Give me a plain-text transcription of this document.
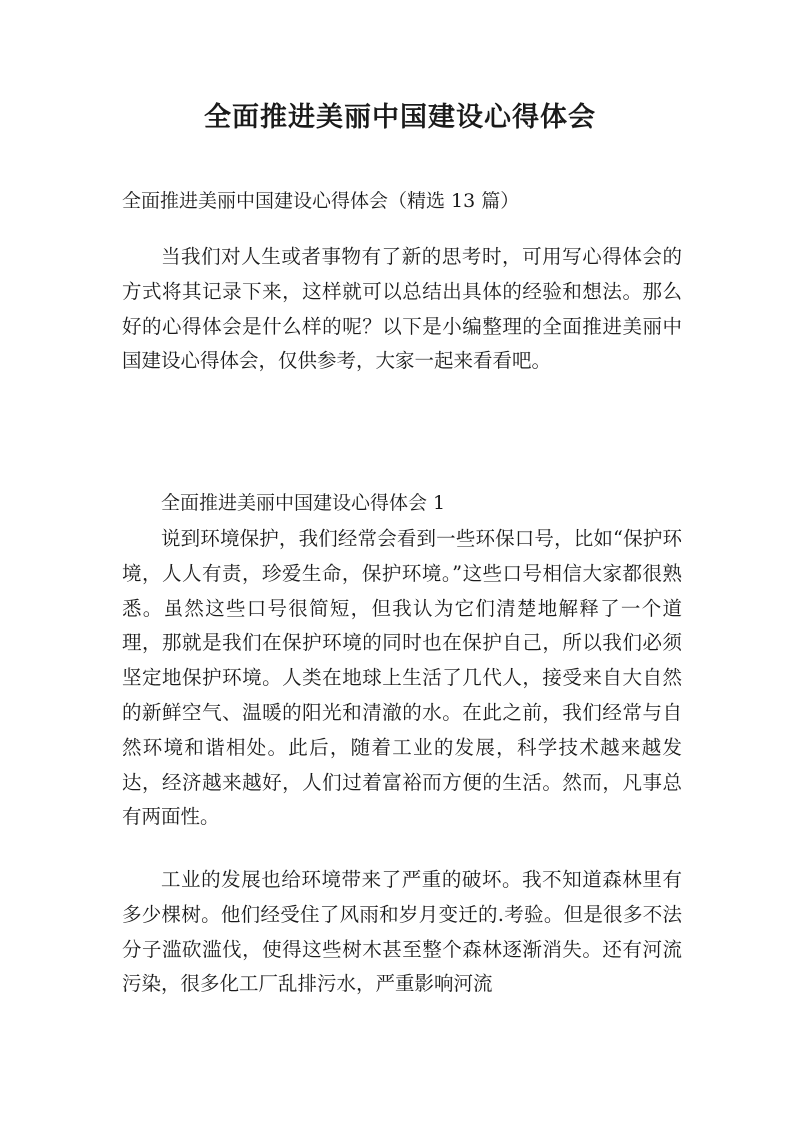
全面推进美丽中国建设心得体会

全面推进美丽中国建设心得体会（精选 13 篇）

当我们对人生或者事物有了新的思考时，可用写心得体会的方式将其记录下来，这样就可以总结出具体的经验和想法。那么好的心得体会是什么样的呢？以下是小编整理的全面推进美丽中国建设心得体会，仅供参考，大家一起来看看吧。

全面推进美丽中国建设心得体会 1

说到环境保护，我们经常会看到一些环保口号，比如“保护环境，人人有责，珍爱生命，保护环境。”这些口号相信大家都很熟悉。虽然这些口号很简短，但我认为它们清楚地解释了一个道理，那就是我们在保护环境的同时也在保护自己，所以我们必须坚定地保护环境。人类在地球上生活了几代人，接受来自大自然的新鲜空气、温暖的阳光和清澈的水。在此之前，我们经常与自然环境和谐相处。此后，随着工业的发展，科学技术越来越发达，经济越来越好，人们过着富裕而方便的生活。然而，凡事总有两面性。

工业的发展也给环境带来了严重的破坏。我不知道森林里有多少棵树。他们经受住了风雨和岁月变迁的.考验。但是很多不法分子滥砍滥伐，使得这些树木甚至整个森林逐渐消失。还有河流污染，很多化工厂乱排污水，严重影响河流
